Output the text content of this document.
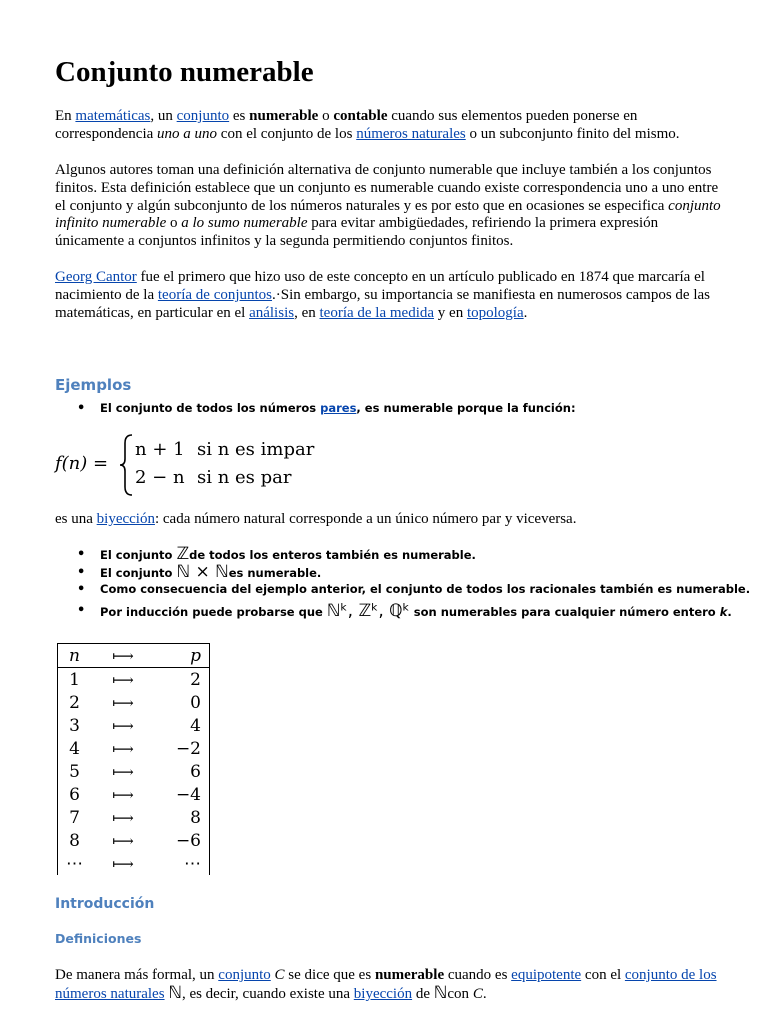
Conjunto numerable

En matemáticas, un conjunto es numerable o contable cuando sus elementos pueden ponerse en correspondencia uno a uno con el conjunto de los números naturales o un subconjunto finito del mismo.

Algunos autores toman una definición alternativa de conjunto numerable que incluye también a los conjuntos finitos. Esta definición establece que un conjunto es numerable cuando existe correspondencia uno a uno entre el conjunto y algún subconjunto de los números naturales y es por esto que en ocasiones se especifica conjunto infinito numerable o a lo sumo numerable para evitar ambigüedades, refiriendo la primera expresión únicamente a conjuntos infinitos y la segunda permitiendo conjuntos finitos.

Georg Cantor fue el primero que hizo uso de este concepto en un artículo publicado en 1874 que marcaría el nacimiento de la teoría de conjuntos.·Sin embargo, su importancia se manifiesta en numerosos campos de las matemáticas, en particular en el análisis, en teoría de la medida y en topología.

Ejemplos
• El conjunto de todos los números pares, es numerable porque la función:
f(n) =
n + 1 si n es impar
2 − n si n es par

es una biyección: cada número natural corresponde a un único número par y viceversa.

• El conjunto ℤde todos los enteros también es numerable.
• El conjunto ℕ × ℕes numerable.
• Como consecuencia del ejemplo anterior, el conjunto de todos los racionales también es numerable.
• Por inducción puede probarse que ℕᵏ, ℤᵏ, ℚᵏ son numerables para cualquier número entero k.
n	⟼	p
1	⟼	2
2	⟼	0
3	⟼	4
4	⟼	−2
5	⟼	6
6	⟼	−4
7	⟼	8
8	⟼	−6
⋯	⟼	⋯
Introducción
Definiciones

De manera más formal, un conjunto C se dice que es numerable cuando es equipotente con el conjunto de los números naturales ℕ, es decir, cuando existe una biyección de ℕcon C.
